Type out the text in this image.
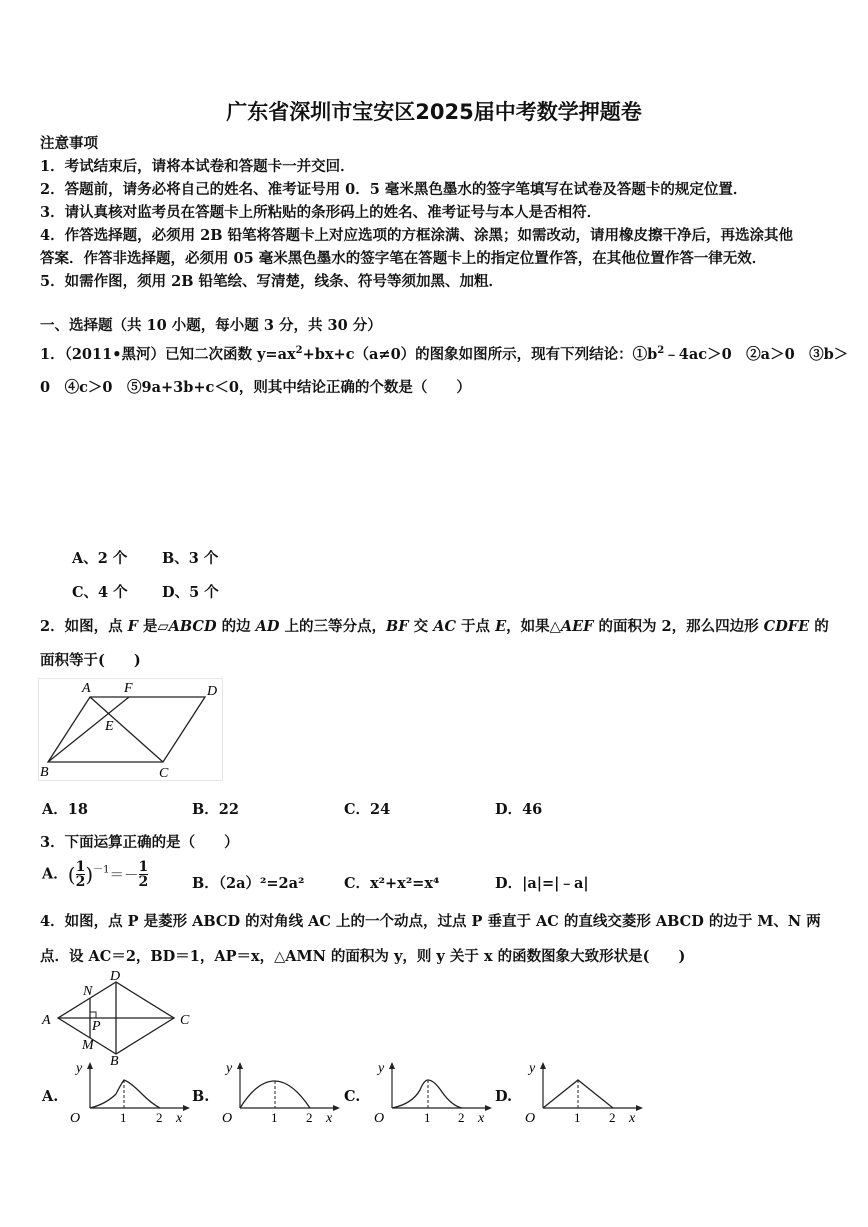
广东省深圳市宝安区2025届中考数学押题卷
注意事项
1．考试结束后，请将本试卷和答题卡一并交回．
2．答题前，请务必将自己的姓名、准考证号用 0．5 毫米黑色墨水的签字笔填写在试卷及答题卡的规定位置．
3．请认真核对监考员在答题卡上所粘贴的条形码上的姓名、准考证号与本人是否相符．
4．作答选择题，必须用 2B 铅笔将答题卡上对应选项的方框涂满、涂黑；如需改动，请用橡皮擦干净后，再选涂其他
答案．作答非选择题，必须用 05 毫米黑色墨水的签字笔在答题卡上的指定位置作答，在其他位置作答一律无效．
5．如需作图，须用 2B 铅笔绘、写清楚，线条、符号等须加黑、加粗．
一、选择题（共 10 小题，每小题 3 分，共 30 分）
1．（2011•黑河）已知二次函数 $y=ax^2+bx+c(a\ne 0)$的图象如图所示，现有下列结论：$①b^2﹣4ac>0$　②a＞0　③b＞
0　④c＞0　⑤9a+3b+c＜0，则其中结论正确的个数是（　　）
A、2 个 B、3 个
C、4 个 D、5 个
2．如图，点 F 是▱ABCD 的边 AD 上的三等分点，BF 交 AC 于点 E，如果△AEF 的面积为 2，那么四边形 CDFE 的
面积等于(　　)
A F	D
E
B	C
A．18	B．22	C．24	D．46
3．下面运算正确的是（　　）
A．( $\frac{1}{2} )^{-1}=- \frac{1}{2}$	B．（2a）²=2a²	C．x²+x²=x⁴	D．|a|=|﹣a|
4．如图，点 P 是菱形 ABCD 的对角线 AC 上的一个动点，过点 P 垂直于 AC 的直线交菱形 ABCD 的边于 M、N 两
点．设 AC＝2，BD＝1，AP＝x，△AMN 的面积为 y，则 y 关于 x 的函数图象大致形状是(　　)
A
D
C
B
N
P
M
A.
y
O	1 2 x
B.
y
O	1 2 x
C.
y
O	1 2 x
D.
y
O	1 2 x
